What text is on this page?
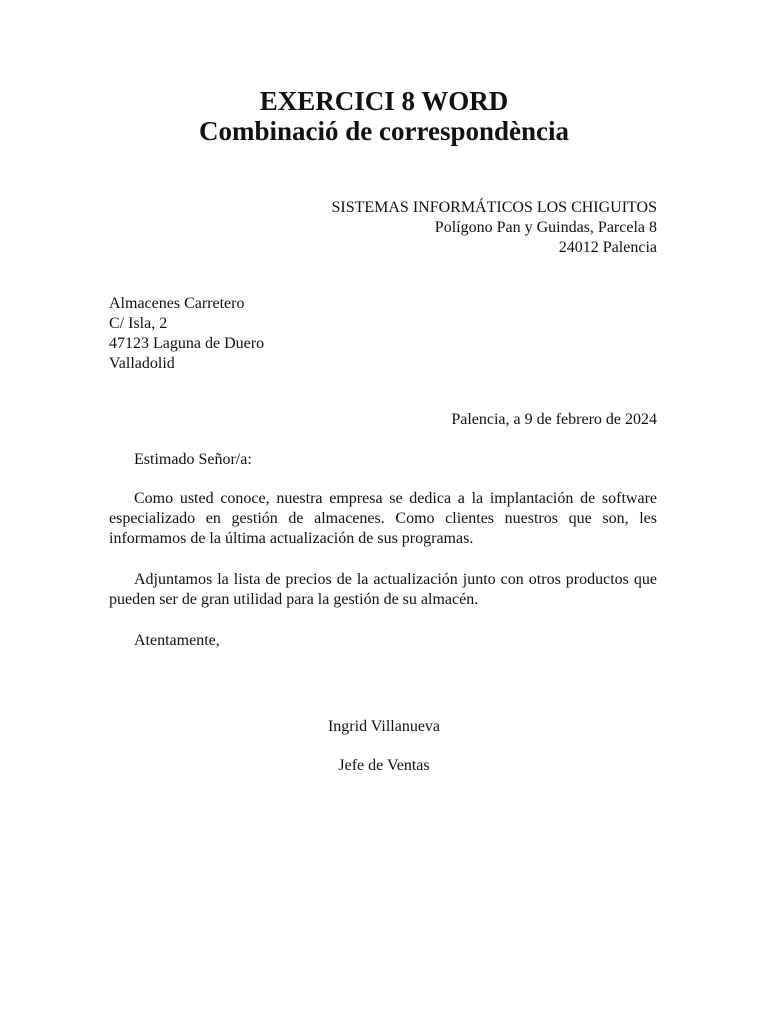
EXERCICI 8 WORD
Combinació de correspondència
SISTEMAS INFORMÁTICOS LOS CHIGUITOS
Polígono Pan y Guindas, Parcela 8
24012 Palencia
Almacenes Carretero
C/ Isla, 2
47123 Laguna de Duero
Valladolid
Palencia, a 9 de febrero de 2024
Estimado Señor/a:
Como usted conoce, nuestra empresa se dedica a la implantación de software especializado en gestión de almacenes. Como clientes nuestros que son, les informamos de la última actualización de sus programas.
Adjuntamos la lista de precios de la actualización junto con otros productos que pueden ser de gran utilidad para la gestión de su almacén.
Atentamente,
Ingrid Villanueva
Jefe de Ventas
